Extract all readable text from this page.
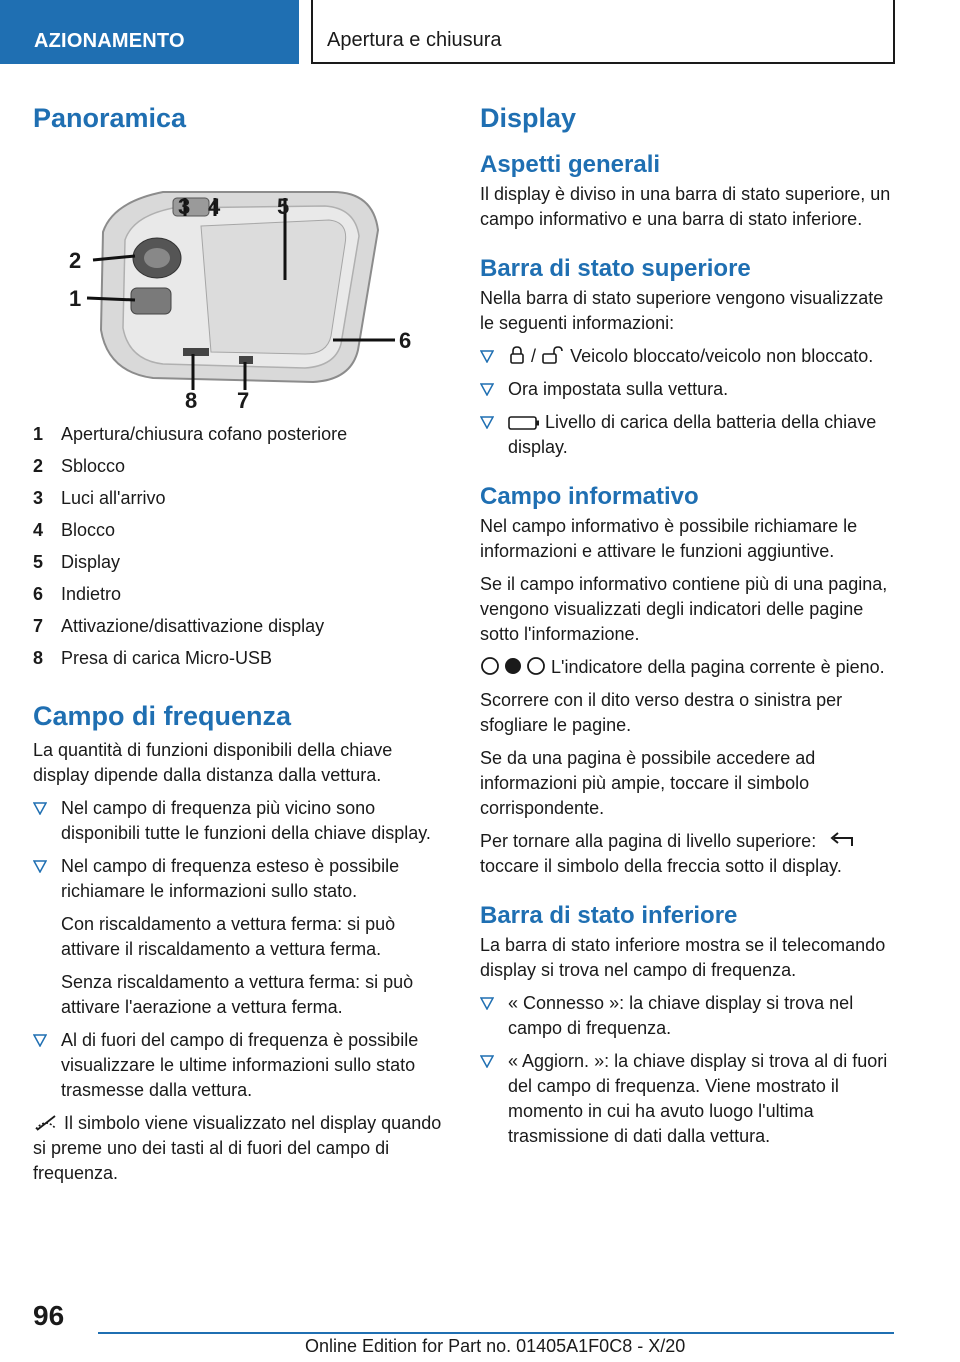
AZIONAMENTO	Apertura e chiusura
Panoramica
3 4	5
2
1
6
8 7
1 Apertura/chiusura cofano posteriore
2 Sblocco
3 Luci all'arrivo
4 Blocco
5 Display
6 Indietro
7 Attivazione/disattivazione display
8 Presa di carica Micro-USB
Campo di frequenza

La quantità di funzioni disponibili della chiave display dipende dalla distanza dalla vettura.

Nel campo di frequenza più vicino sono disponibili tutte le funzioni della chiave display.
Nel campo di frequenza esteso è possibile richiamare le informazioni sullo stato.

Con riscaldamento a vettura ferma: si può attivare il riscaldamento a vettura ferma.

Senza riscaldamento a vettura ferma: si può attivare l'aerazione a vettura ferma.

Al di fuori del campo di frequenza è possibile visualizzare le ultime informazioni sullo stato trasmesse dalla vettura.

Il simbolo viene visualizzato nel display quando si preme uno dei tasti al di fuori del campo di frequenza.

Display
Aspetti generali

Il display è diviso in una barra di stato superiore, un campo informativo e una barra di stato inferiore.

Barra di stato superiore

Nella barra di stato superiore vengono visualizzate le seguenti informazioni:

/ Veicolo bloccato/veicolo non bloccato.
Ora impostata sulla vettura.
Livello di carica della batteria della chiave display.
Campo informativo

Nel campo informativo è possibile richiamare le informazioni e attivare le funzioni aggiuntive.

Se il campo informativo contiene più di una pagina, vengono visualizzati degli indicatori delle pagine sotto l'informazione.

L'indicatore della pagina corrente è pieno.

Scorrere con il dito verso destra o sinistra per sfogliare le pagine.

Se da una pagina è possibile accedere ad informazioni più ampie, toccare il simbolo corrispondente.

Per tornare alla pagina di livello superiore:
toccare il simbolo della freccia sotto il display.

Barra di stato inferiore

La barra di stato inferiore mostra se il telecomando display si trova nel campo di frequenza.

« Connesso »: la chiave display si trova nel campo di frequenza.
« Aggiorn. »: la chiave display si trova al di fuori del campo di frequenza. Viene mostrato il momento in cui ha avuto luogo l'ultima trasmissione di dati dalla vettura.
96
Online Edition for Part no. 01405A1F0C8 - X/20
